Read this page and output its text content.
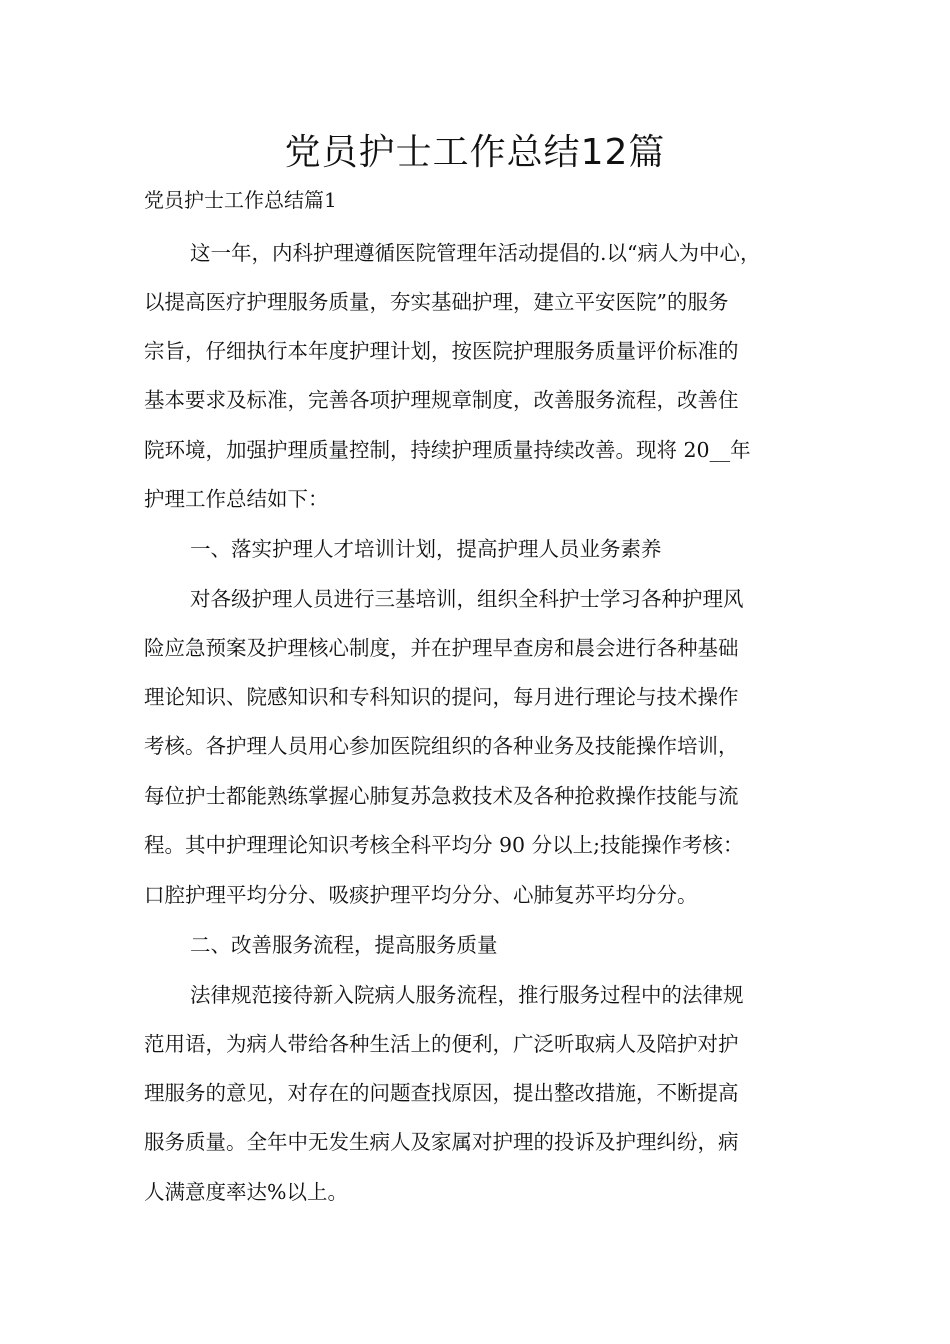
党员护士工作总结12篇
党员护士工作总结篇1
这一年，内科护理遵循医院管理年活动提倡的.以“病人为中心，
以提高医疗护理服务质量，夯实基础护理，建立平安医院”的服务
宗旨，仔细执行本年度护理计划，按医院护理服务质量评价标准的
基本要求及标准，完善各项护理规章制度，改善服务流程，改善住
院环境，加强护理质量控制，持续护理质量持续改善。现将 20__年
护理工作总结如下：
一、落实护理人才培训计划，提高护理人员业务素养
对各级护理人员进行三基培训，组织全科护士学习各种护理风
险应急预案及护理核心制度，并在护理早查房和晨会进行各种基础
理论知识、院感知识和专科知识的提问，每月进行理论与技术操作
考核。各护理人员用心参加医院组织的各种业务及技能操作培训，
每位护士都能熟练掌握心肺复苏急救技术及各种抢救操作技能与流
程。其中护理理论知识考核全科平均分 90 分以上;技能操作考核：
口腔护理平均分分、吸痰护理平均分分、心肺复苏平均分分。
二、改善服务流程，提高服务质量
法律规范接待新入院病人服务流程，推行服务过程中的法律规
范用语，为病人带给各种生活上的便利，广泛听取病人及陪护对护
理服务的意见，对存在的问题查找原因，提出整改措施，不断提高
服务质量。全年中无发生病人及家属对护理的投诉及护理纠纷，病
人满意度率达%以上。
